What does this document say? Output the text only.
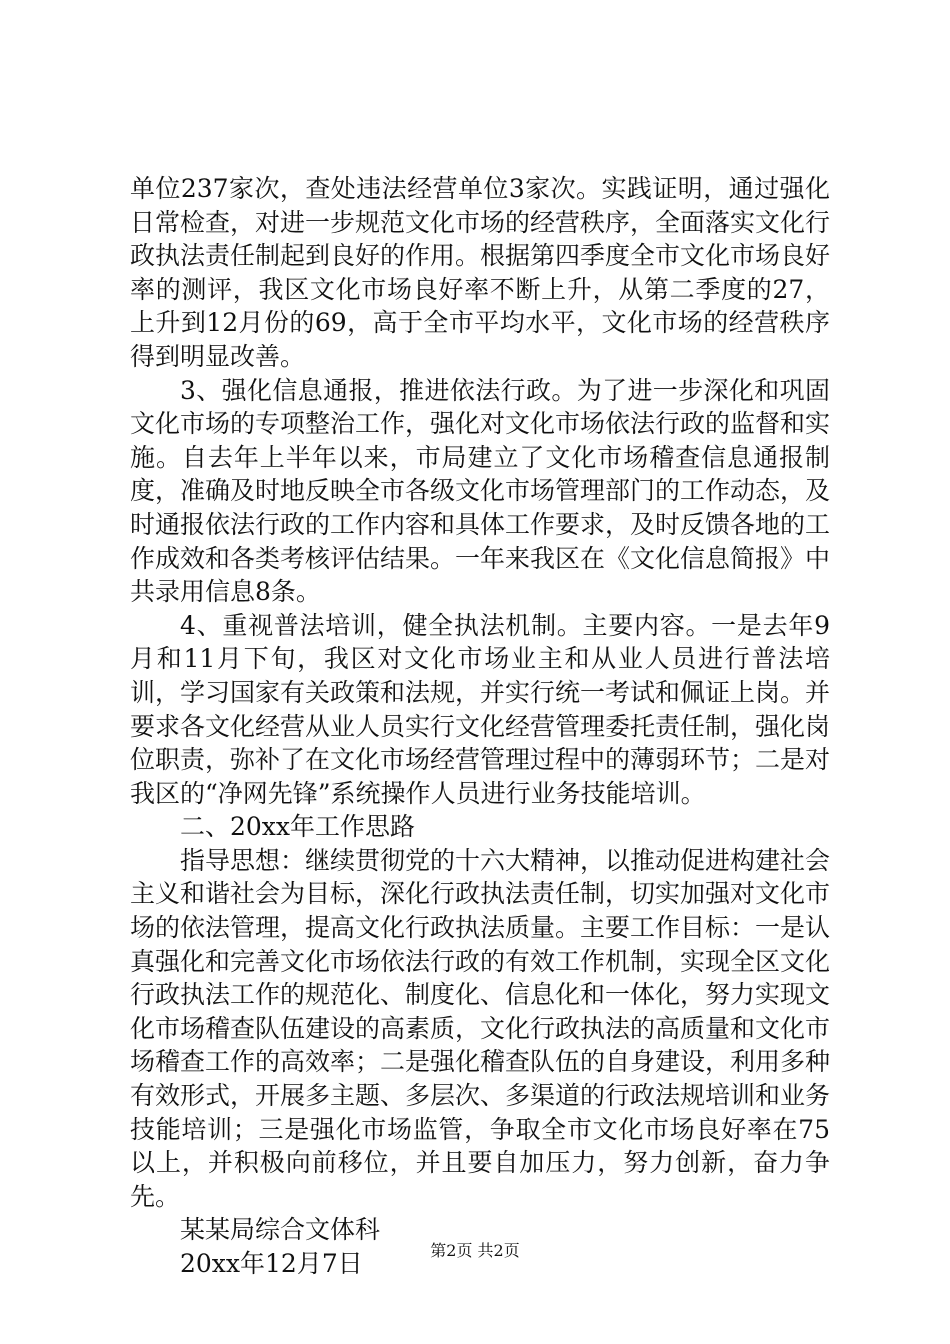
单位237家次，查处违法经营单位3家次。实践证明，通过强化日常检查，对进一步规范文化市场的经营秩序，全面落实文化行政执法责任制起到良好的作用。根据第四季度全市文化市场良好率的测评，我区文化市场良好率不断上升，从第二季度的27，上升到12月份的69，高于全市平均水平，文化市场的经营秩序得到明显改善。

3、强化信息通报，推进依法行政。为了进一步深化和巩固文化市场的专项整治工作，强化对文化市场依法行政的监督和实施。自去年上半年以来，市局建立了文化市场稽查信息通报制度，准确及时地反映全市各级文化市场管理部门的工作动态，及时通报依法行政的工作内容和具体工作要求，及时反馈各地的工作成效和各类考核评估结果。一年来我区在《文化信息简报》中共录用信息8条。

4、重视普法培训，健全执法机制。主要内容。一是去年9月和11月下旬，我区对文化市场业主和从业人员进行普法培训，学习国家有关政策和法规，并实行统一考试和佩证上岗。并要求各文化经营从业人员实行文化经营管理委托责任制，强化岗位职责，弥补了在文化市场经营管理过程中的薄弱环节；二是对我区的“净网先锋”系统操作人员进行业务技能培训。

二、20xx年工作思路

指导思想：继续贯彻党的十六大精神，以推动促进构建社会主义和谐社会为目标，深化行政执法责任制，切实加强对文化市场的依法管理，提高文化行政执法质量。主要工作目标：一是认真强化和完善文化市场依法行政的有效工作机制，实现全区文化行政执法工作的规范化、制度化、信息化和一体化，努力实现文化市场稽查队伍建设的高素质，文化行政执法的高质量和文化市场稽查工作的高效率；二是强化稽查队伍的自身建设，利用多种有效形式，开展多主题、多层次、多渠道的行政法规培训和业务技能培训；三是强化市场监管，争取全市文化市场良好率在75以上，并积极向前移位，并且要自加压力，努力创新，奋力争先。

某某局综合文体科

20xx年12月7日	第2页 共2页
